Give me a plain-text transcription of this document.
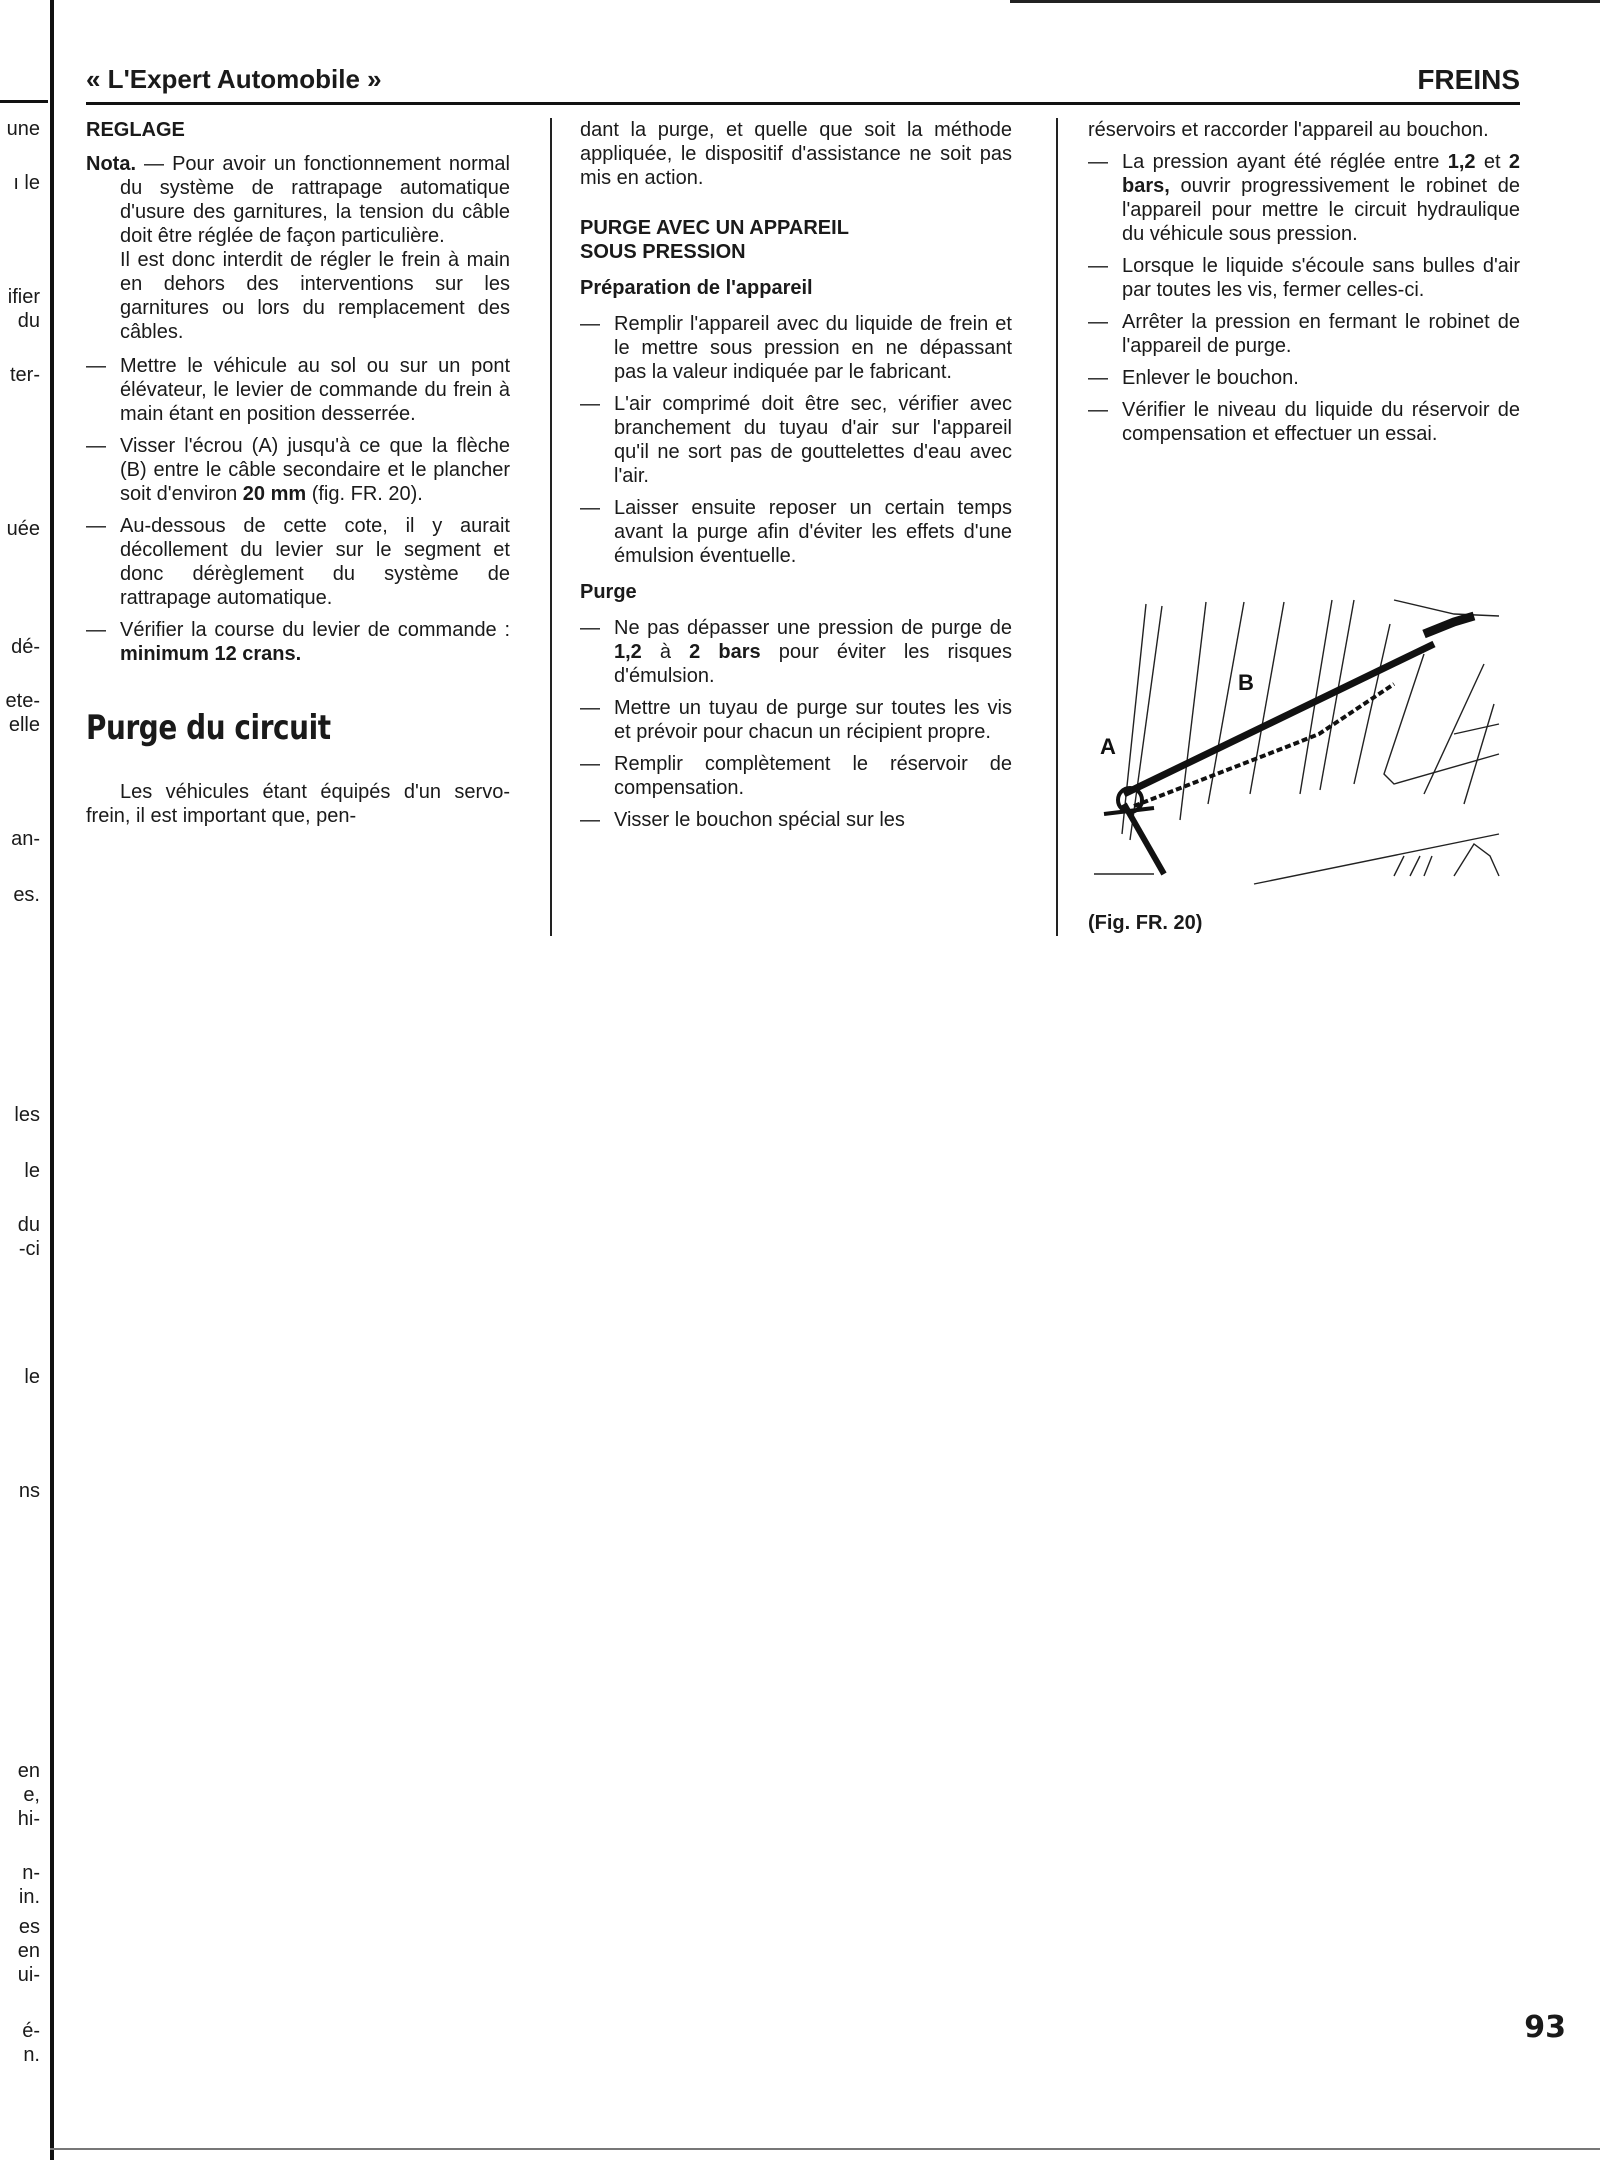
une
ı le
ifier
du
ter-
uée
dé-
ete-
elle
an-
es.
les
le
du
-ci
le
ns
en
e,
hi-
n-
in.
es
en
ui-
é-
n.
« L'Expert Automobile »	FREINS
REGLAGE
Nota. — Pour avoir un fonctionnement normal du système de rattrapage automatique d'usure des garnitures, la tension du câble doit être réglée de façon particulière.
Il est donc interdit de régler le frein à main en dehors des interventions sur les garnitures ou lors du remplacement des câbles.
— Mettre le véhicule au sol ou sur un pont élévateur, le levier de commande du frein à main étant en position desserrée.
— Visser l'écrou (A) jusqu'à ce que la flèche (B) entre le câble secondaire et le plancher soit d'environ 20 mm (fig. FR. 20).
— Au-dessous de cette cote, il y aurait décollement du levier sur le segment et donc dérèglement du système de rattrapage automatique.
— Vérifier la course du levier de commande : minimum 12 crans.
Purge du circuit
Les véhicules étant équipés d'un servo-frein, il est important que, pen-
dant la purge, et quelle que soit la méthode appliquée, le dispositif d'assistance ne soit pas mis en action.
PURGE AVEC UN APPAREIL
SOUS PRESSION
Préparation de l'appareil
— Remplir l'appareil avec du liquide de frein et le mettre sous pression en ne dépassant pas la valeur indiquée par le fabricant.
— L'air comprimé doit être sec, vérifier avec branchement du tuyau d'air sur l'appareil qu'il ne sort pas de gouttelettes d'eau avec l'air.
— Laisser ensuite reposer un certain temps avant la purge afin d'éviter les effets d'une émulsion éventuelle.
Purge
— Ne pas dépasser une pression de purge de 1,2 à 2 bars pour éviter les risques d'émulsion.
— Mettre un tuyau de purge sur toutes les vis et prévoir pour chacun un récipient propre.
— Remplir complètement le réservoir de compensation.
— Visser le bouchon spécial sur les
réservoirs et raccorder l'appareil au bouchon.
— La pression ayant été réglée entre 1,2 et 2 bars, ouvrir progressivement le robinet de l'appareil pour mettre le circuit hydraulique du véhicule sous pression.
— Lorsque le liquide s'écoule sans bulles d'air par toutes les vis, fermer celles-ci.
— Arrêter la pression en fermant le robinet de l'appareil de purge.
— Enlever le bouchon.
— Vérifier le niveau du liquide du réservoir de compensation et effectuer un essai.
A
B
(Fig. FR. 20)
93
